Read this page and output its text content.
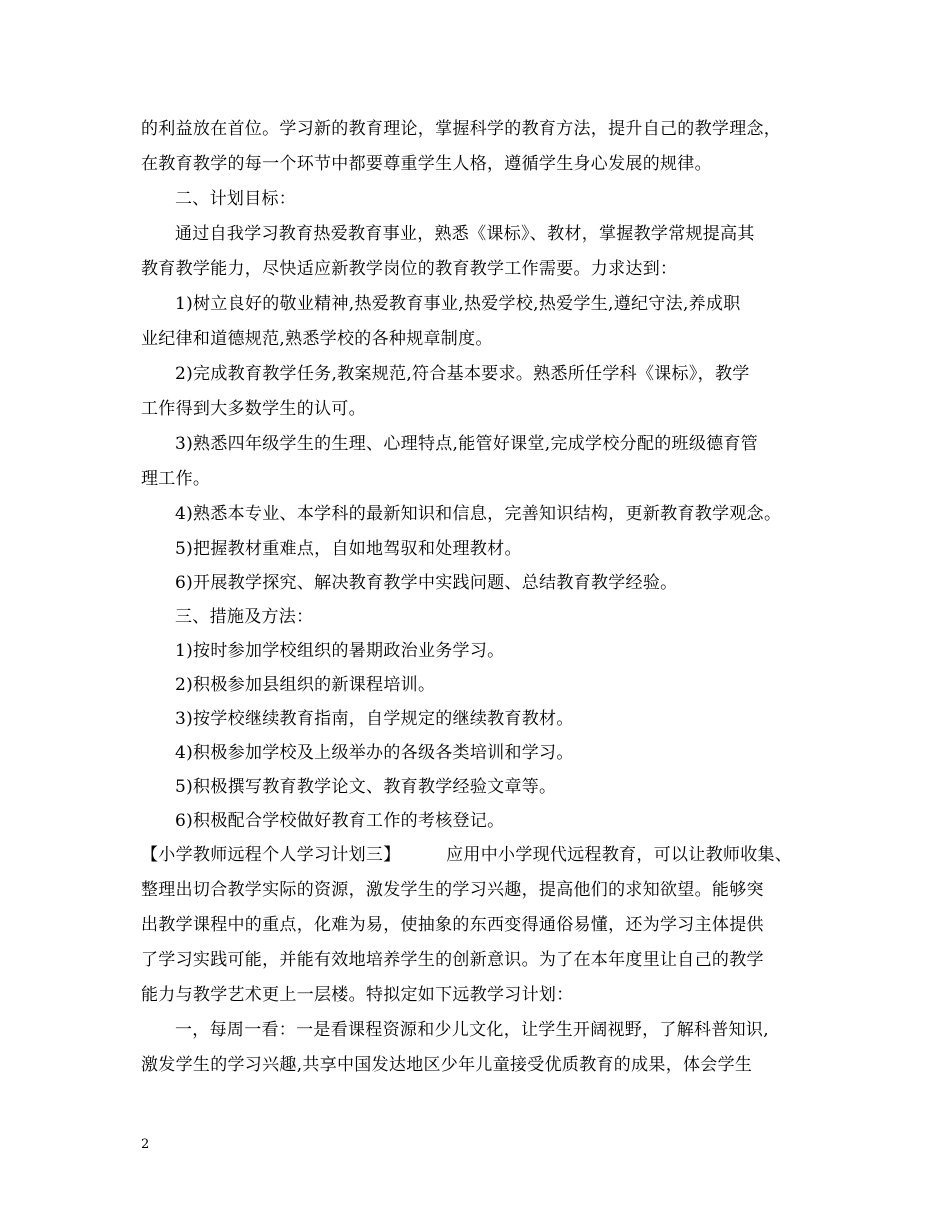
的利益放在首位。学习新的教育理论，掌握科学的教育方法，提升自己的教学理念，
在教育教学的每一个环节中都要尊重学生人格，遵循学生身心发展的规律。
二、计划目标：
通过自我学习教育热爱教育事业，熟悉《课标》、教材，掌握教学常规提高其
教育教学能力，尽快适应新教学岗位的教育教学工作需要。力求达到：
1)树立良好的敬业精神,热爱教育事业,热爱学校,热爱学生,遵纪守法,养成职
业纪律和道德规范,熟悉学校的各种规章制度。
2)完成教育教学任务,教案规范,符合基本要求。熟悉所任学科《课标》，教学
工作得到大多数学生的认可。
3)熟悉四年级学生的生理、心理特点,能管好课堂,完成学校分配的班级德育管
理工作。
4)熟悉本专业、本学科的最新知识和信息，完善知识结构，更新教育教学观念。
5)把握教材重难点，自如地驾驭和处理教材。
6)开展教学探究、解决教育教学中实践问题、总结教育教学经验。
三、措施及方法：
1)按时参加学校组织的暑期政治业务学习。
2)积极参加县组织的新课程培训。
3)按学校继续教育指南，自学规定的继续教育教材。
4)积极参加学校及上级举办的各级各类培训和学习。
5)积极撰写教育教学论文、教育教学经验文章等。
6)积极配合学校做好教育工作的考核登记。
【小学教师远程个人学习计划三】        应用中小学现代远程教育，可以让教师收集、
整理出切合教学实际的资源，激发学生的学习兴趣，提高他们的求知欲望。能够突
出教学课程中的重点，化难为易，使抽象的东西变得通俗易懂，还为学习主体提供
了学习实践可能，并能有效地培养学生的创新意识。为了在本年度里让自己的教学
能力与教学艺术更上一层楼。特拟定如下远教学习计划：
一，每周一看：一是看课程资源和少儿文化，让学生开阔视野，了解科普知识,
激发学生的学习兴趣,共享中国发达地区少年儿童接受优质教育的成果，体会学生
2
